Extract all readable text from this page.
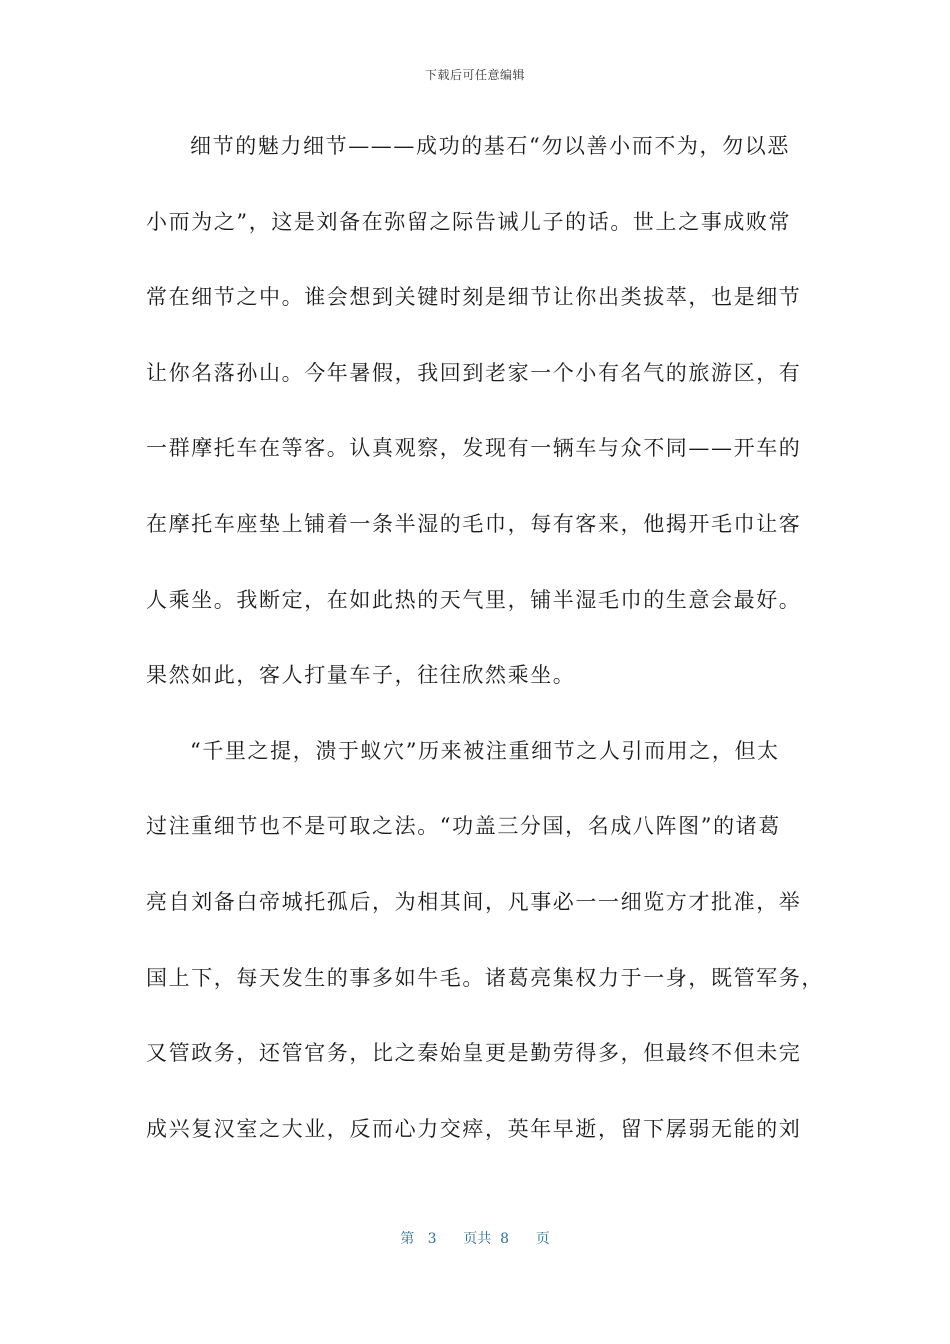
下载后可任意编辑
细节的魅力细节———成功的基石“勿以善小而不为，勿以恶
小而为之”，这是刘备在弥留之际告诫儿子的话。世上之事成败常
常在细节之中。谁会想到关键时刻是细节让你出类拔萃，也是细节
让你名落孙山。今年暑假，我回到老家一个小有名气的旅游区，有
一群摩托车在等客。认真观察，发现有一辆车与众不同——开车的
在摩托车座垫上铺着一条半湿的毛巾，每有客来，他揭开毛巾让客
人乘坐。我断定，在如此热的天气里，铺半湿毛巾的生意会最好。
果然如此，客人打量车子，往往欣然乘坐。
“千里之提，溃于蚁穴”历来被注重细节之人引而用之，但太
过注重细节也不是可取之法。“功盖三分国，名成八阵图”的诸葛
亮自刘备白帝城托孤后，为相其间，凡事必一一细览方才批准，举
国上下，每天发生的事多如牛毛。诸葛亮集权力于一身，既管军务，
又管政务，还管官务，比之秦始皇更是勤劳得多，但最终不但未完
成兴复汉室之大业，反而心力交瘁，英年早逝，留下孱弱无能的刘
第 3 页共 8 页
